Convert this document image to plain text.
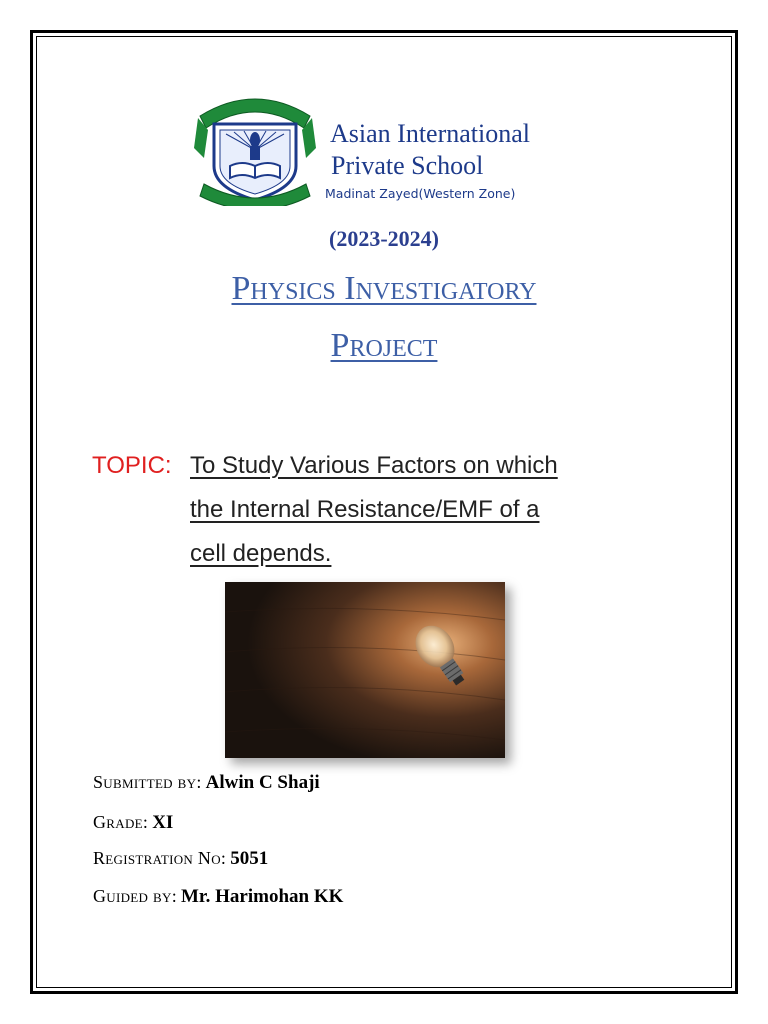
Asian International
Private School
Madinat Zayed(Western Zone)
(2023-2024)
Physics Investigatory
Project
TOPIC: To Study Various Factors on which
the Internal Resistance/EMF of a
cell depends.
Submitted by: Alwin C Shaji
Grade: XI
Registration No: 5051
Guided by: Mr. Harimohan KK
